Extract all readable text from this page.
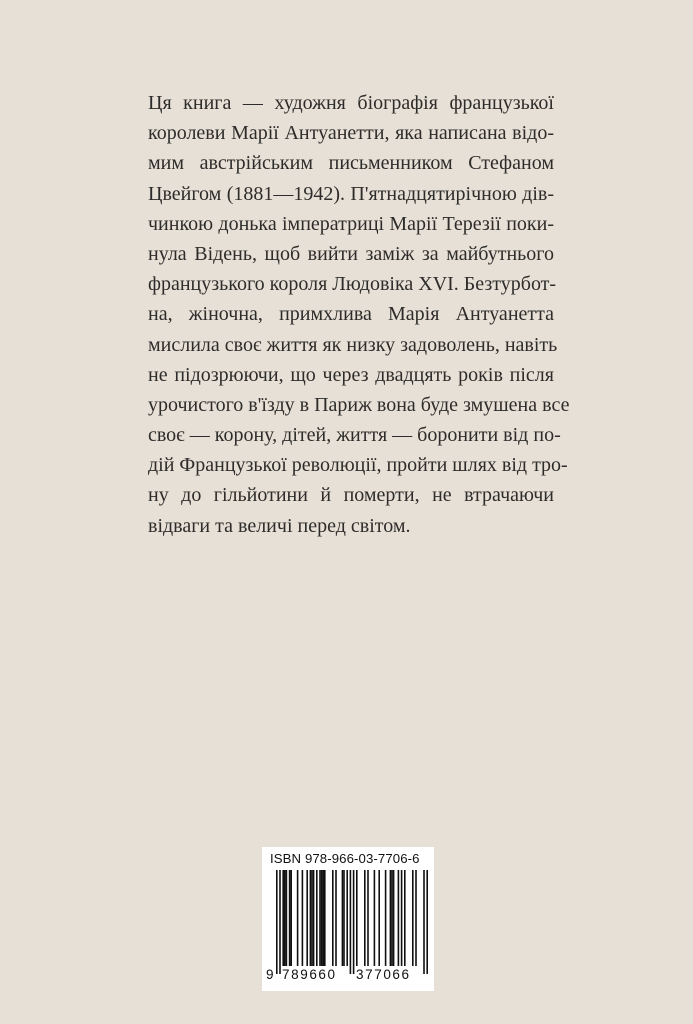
Ця книга — художня біографія французької
королеви Марії Антуанетти, яка написана відо-
мим австрійським письменником Стефаном
Цвейгом (1881—1942). П'ятнадцятирічною дів-
чинкою донька імператриці Марії Терезії поки-
нула Відень, щоб вийти заміж за майбутнього
французького короля Людовіка XVI. Безтурбот-
на, жіночна, примхлива Марія Антуанетта
мислила своє життя як низку задоволень, навіть
не підозрюючи, що через двадцять років після
урочистого в'їзду в Париж вона буде змушена все
своє — корону, дітей, життя — боронити від по-
дій Французької революції, пройти шлях від тро-
ну до гільйотини й померти, не втрачаючи
відваги та величі перед світом.
ISBN 978-966-03-7706-6
9 789660 377066
